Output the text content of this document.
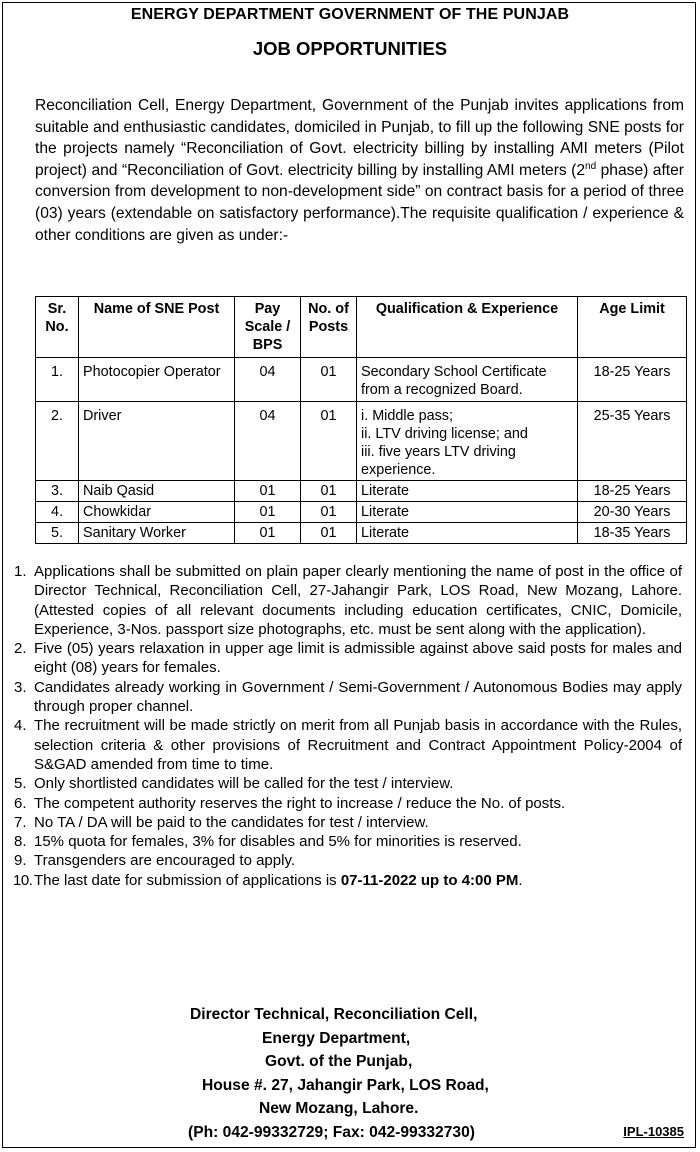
ENERGY DEPARTMENT GOVERNMENT OF THE PUNJAB
JOB OPPORTUNITIES

Reconciliation Cell, Energy Department, Government of the Punjab invites applications from suitable and enthusiastic candidates, domiciled in Punjab, to fill up the following SNE posts for the projects namely “Reconciliation of Govt. electricity billing by installing AMI meters (Pilot project) and “Reconciliation of Govt. electricity billing by installing AMI meters (2nd phase) after conversion from development to non-development side” on contract basis for a period of three (03) years (extendable on satisfactory performance).The requisite qualification / experience & other conditions are given as under:-

Sr. No.	Name of SNE Post	Pay Scale / BPS	No. of Posts	Qualification & Experience	Age Limit
1.	Photocopier Operator	04	01	Secondary School Certificate from a recognized Board.	18-25 Years
2.	Driver	04	01	i. Middle pass;
ii. LTV driving license; and
iii. five years LTV driving experience.	25-35 Years
3.	Naib Qasid	01	01	Literate	18-25 Years
4.	Chowkidar	01	01	Literate	20-30 Years
5.	Sanitary Worker	01	01	Literate	18-35 Years
1. Applications shall be submitted on plain paper clearly mentioning the name of post in the office of Director Technical, Reconciliation Cell, 27-Jahangir Park, LOS Road, New Mozang, Lahore. (Attested copies of all relevant documents including education certificates, CNIC, Domicile, Experience, 3-Nos. passport size photographs, etc. must be sent along with the application).
2. Five (05) years relaxation in upper age limit is admissible against above said posts for males and eight (08) years for females.
3. Candidates already working in Government / Semi-Government / Autonomous Bodies may apply through proper channel.
4. The recruitment will be made strictly on merit from all Punjab basis in accordance with the Rules, selection criteria & other provisions of Recruitment and Contract Appointment Policy-2004 of S&GAD amended from time to time.
5. Only shortlisted candidates will be called for the test / interview.
6. The competent authority reserves the right to increase / reduce the No. of posts.
7. No TA / DA will be paid to the candidates for test / interview.
8. 15% quota for females, 3% for disables and 5% for minorities is reserved.
9. Transgenders are encouraged to apply.
10. The last date for submission of applications is 07-11-2022 up to 4:00 PM.
Director Technical, Reconciliation Cell,
Energy Department,
Govt. of the Punjab,
House #. 27, Jahangir Park, LOS Road,
New Mozang, Lahore.
(Ph: 042-99332729; Fax: 042-99332730)	IPL-10385
